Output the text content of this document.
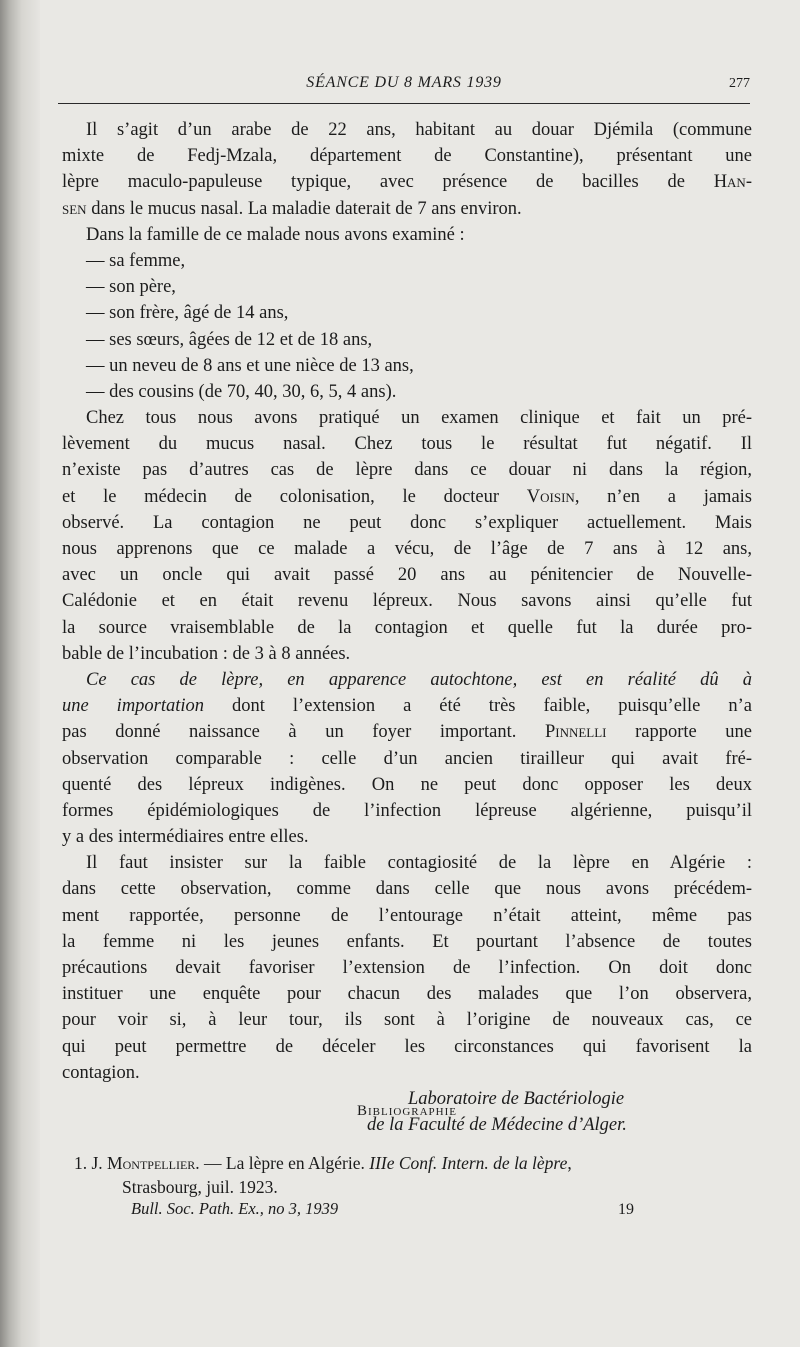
SÉANCE DU 8 MARS 1939	277
Il s’agit d’un arabe de 22 ans, habitant au douar Djémila (commune
mixte de Fedj-Mzala, département de Constantine), présentant une
lèpre maculo-papuleuse typique, avec présence de bacilles de Han-
sen dans le mucus nasal. La maladie daterait de 7 ans environ.
Dans la famille de ce malade nous avons examiné :
— sa femme,
— son père,
— son frère, âgé de 14 ans,
— ses sœurs, âgées de 12 et de 18 ans,
— un neveu de 8 ans et une nièce de 13 ans,
— des cousins (de 70, 40, 30, 6, 5, 4 ans).
Chez tous nous avons pratiqué un examen clinique et fait un pré-
lèvement du mucus nasal. Chez tous le résultat fut négatif. Il
n’existe pas d’autres cas de lèpre dans ce douar ni dans la région,
et le médecin de colonisation, le docteur Voisin, n’en a jamais
observé. La contagion ne peut donc s’expliquer actuellement. Mais
nous apprenons que ce malade a vécu, de l’âge de 7 ans à 12 ans,
avec un oncle qui avait passé 20 ans au pénitencier de Nouvelle-
Calédonie et en était revenu lépreux. Nous savons ainsi qu’elle fut
la source vraisemblable de la contagion et quelle fut la durée pro-
bable de l’incubation : de 3 à 8 années.
Ce cas de lèpre, en apparence autochtone, est en réalité dû à
une importation dont l’extension a été très faible, puisqu’elle n’a
pas donné naissance à un foyer important. Pinnelli rapporte une
observation comparable : celle d’un ancien tirailleur qui avait fré-
quenté des lépreux indigènes. On ne peut donc opposer les deux
formes épidémiologiques de l’infection lépreuse algérienne, puisqu’il
y a des intermédiaires entre elles.
Il faut insister sur la faible contagiosité de la lèpre en Algérie :
dans cette observation, comme dans celle que nous avons précédem-
ment rapportée, personne de l’entourage n’était atteint, même pas
la femme ni les jeunes enfants. Et pourtant l’absence de toutes
précautions devait favoriser l’extension de l’infection. On doit donc
instituer une enquête pour chacun des malades que l’on observera,
pour voir si, à leur tour, ils sont à l’origine de nouveaux cas, ce
qui peut permettre de déceler les circonstances qui favorisent la
contagion.
Laboratoire de Bactériologie
de la Faculté de Médecine d’Alger.
Bibliographie
1. J. Montpellier. — La lèpre en Algérie. IIIe Conf. Intern. de la lèpre,
Strasbourg, juil. 1923.
Bull. Soc. Path. Ex., no 3, 1939	19
